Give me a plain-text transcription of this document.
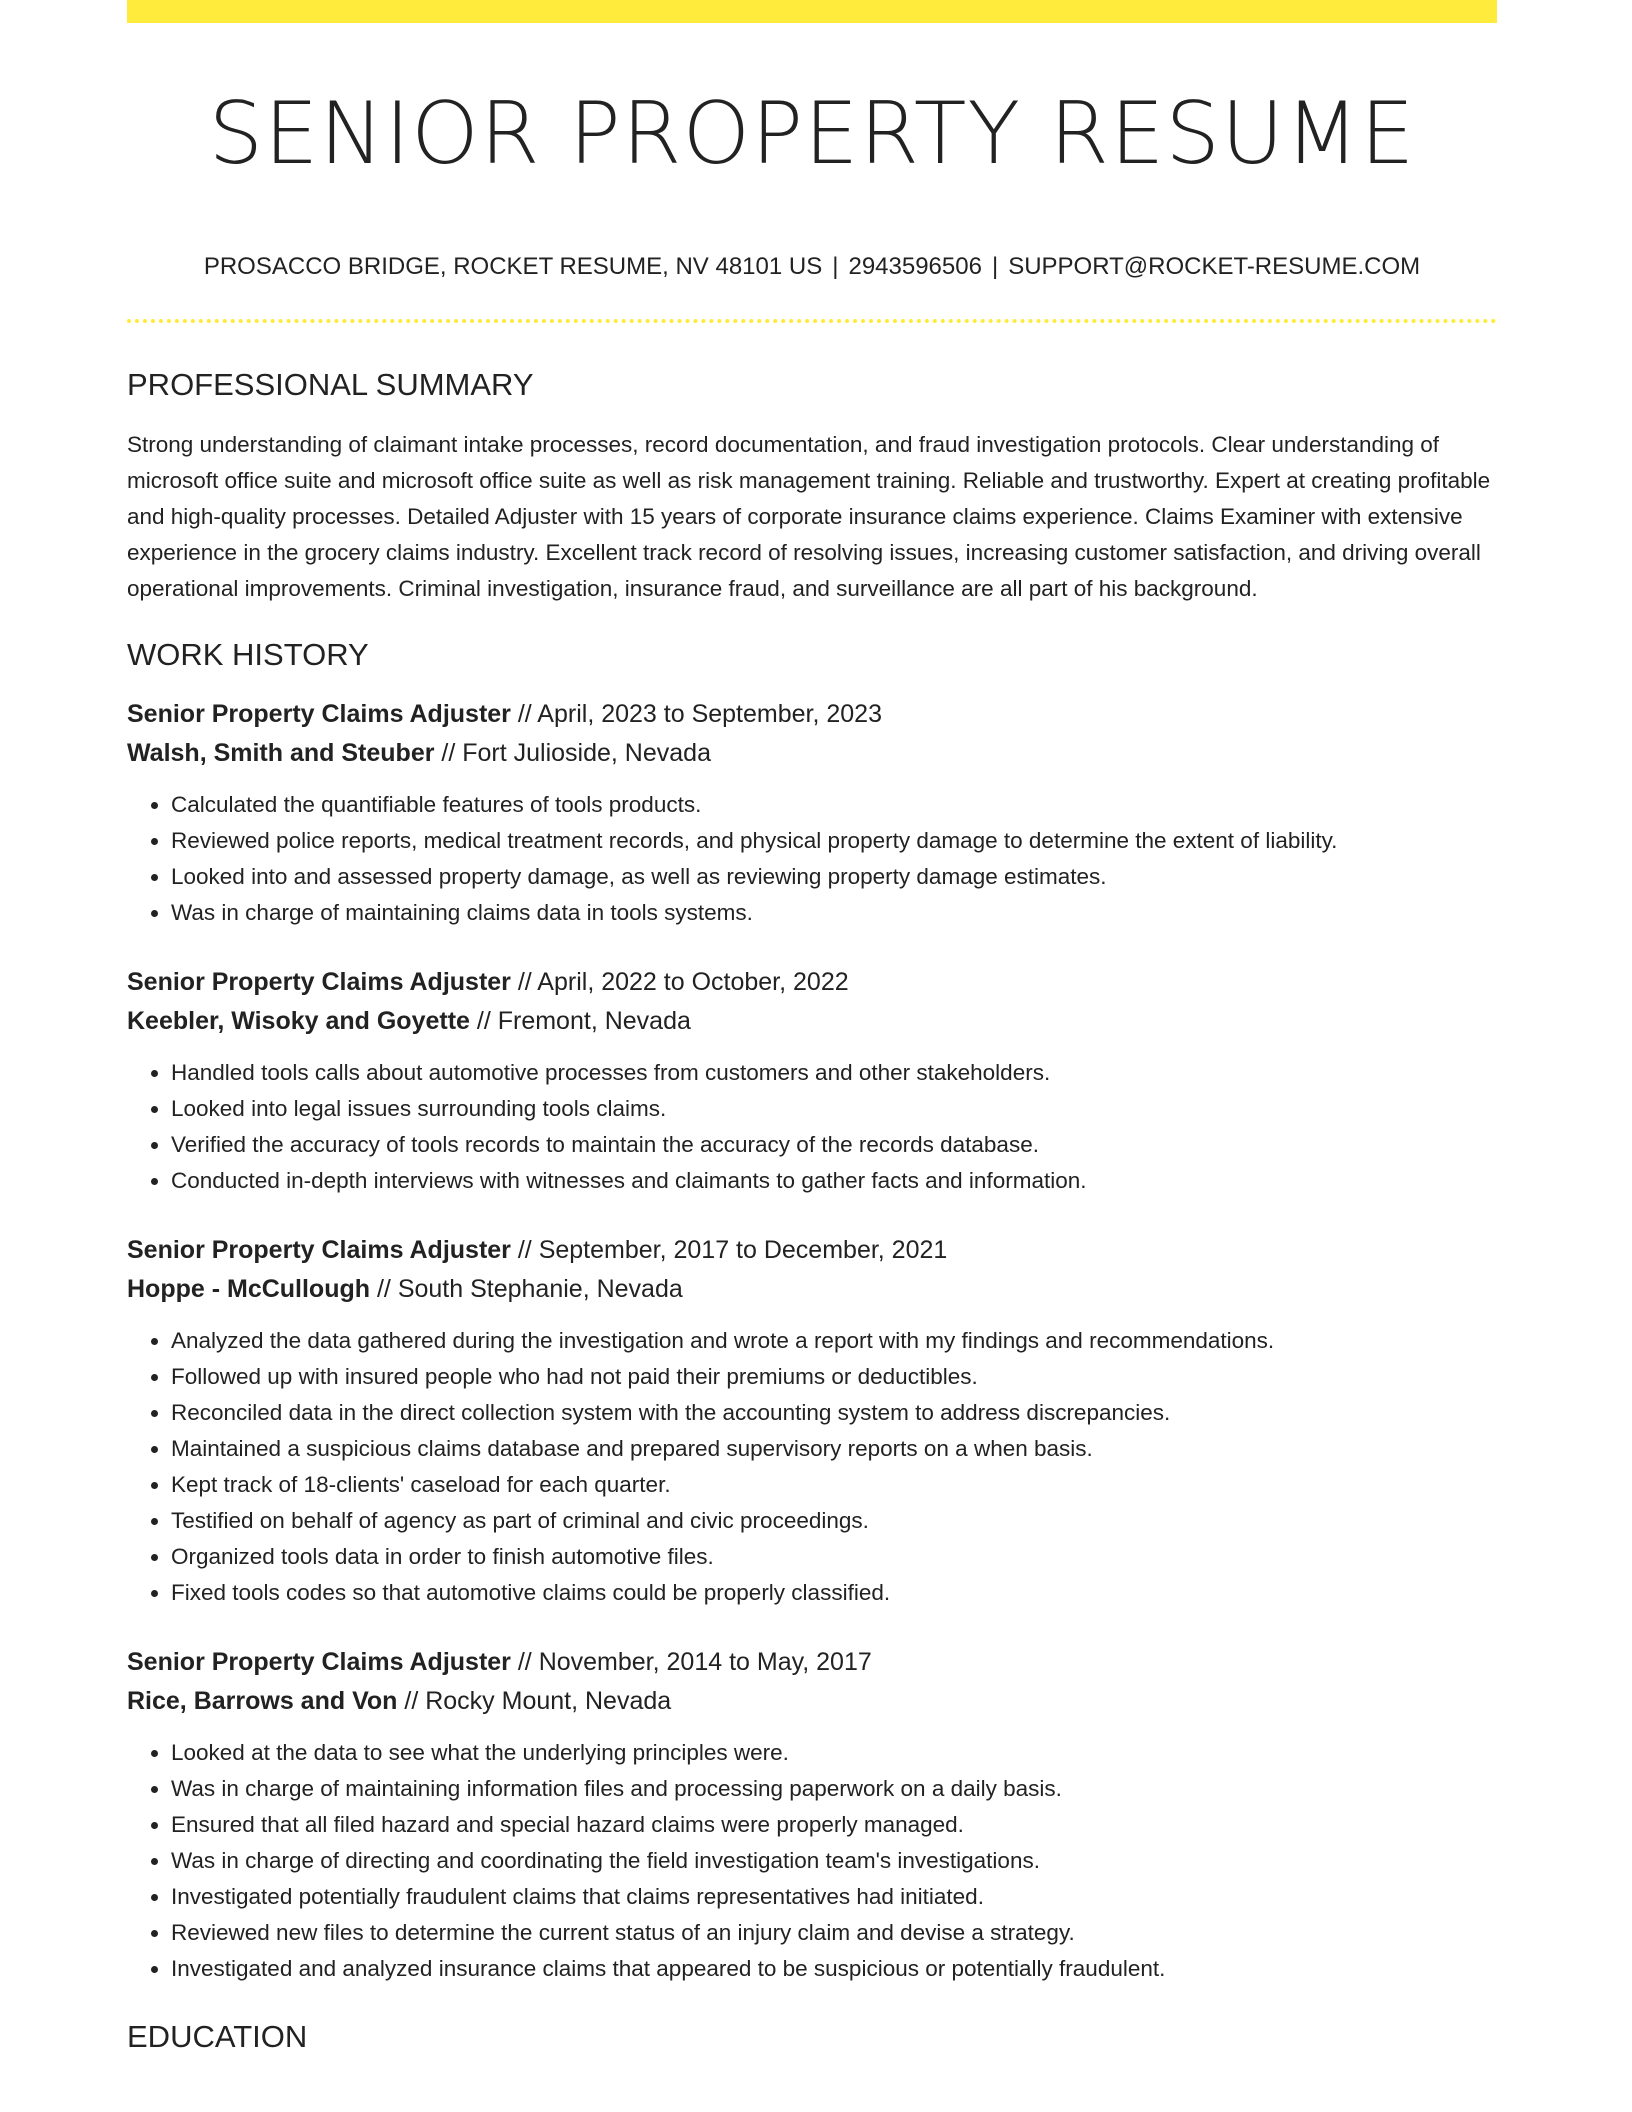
SENIOR PROPERTY RESUME
PROSACCO BRIDGE, ROCKET RESUME, NV 48101 US | 2943596506 | SUPPORT@ROCKET-RESUME.COM
PROFESSIONAL SUMMARY

Strong understanding of claimant intake processes, record documentation, and fraud investigation protocols. Clear understanding of microsoft office suite and microsoft office suite as well as risk management training. Reliable and trustworthy. Expert at creating profitable and high-quality processes. Detailed Adjuster with 15 years of corporate insurance claims experience. Claims Examiner with extensive experience in the grocery claims industry. Excellent track record of resolving issues, increasing customer satisfaction, and driving overall operational improvements. Criminal investigation, insurance fraud, and surveillance are all part of his background.

WORK HISTORY
Senior Property Claims Adjuster // April, 2023 to September, 2023
Walsh, Smith and Steuber // Fort Julioside, Nevada
• Calculated the quantifiable features of tools products.
• Reviewed police reports, medical treatment records, and physical property damage to determine the extent of liability.
• Looked into and assessed property damage, as well as reviewing property damage estimates.
• Was in charge of maintaining claims data in tools systems.
Senior Property Claims Adjuster // April, 2022 to October, 2022
Keebler, Wisoky and Goyette // Fremont, Nevada
• Handled tools calls about automotive processes from customers and other stakeholders.
• Looked into legal issues surrounding tools claims.
• Verified the accuracy of tools records to maintain the accuracy of the records database.
• Conducted in-depth interviews with witnesses and claimants to gather facts and information.
Senior Property Claims Adjuster // September, 2017 to December, 2021
Hoppe - McCullough // South Stephanie, Nevada
• Analyzed the data gathered during the investigation and wrote a report with my findings and recommendations.
• Followed up with insured people who had not paid their premiums or deductibles.
• Reconciled data in the direct collection system with the accounting system to address discrepancies.
• Maintained a suspicious claims database and prepared supervisory reports on a when basis.
• Kept track of 18-clients' caseload for each quarter.
• Testified on behalf of agency as part of criminal and civic proceedings.
• Organized tools data in order to finish automotive files.
• Fixed tools codes so that automotive claims could be properly classified.
Senior Property Claims Adjuster // November, 2014 to May, 2017
Rice, Barrows and Von // Rocky Mount, Nevada
• Looked at the data to see what the underlying principles were.
• Was in charge of maintaining information files and processing paperwork on a daily basis.
• Ensured that all filed hazard and special hazard claims were properly managed.
• Was in charge of directing and coordinating the field investigation team's investigations.
• Investigated potentially fraudulent claims that claims representatives had initiated.
• Reviewed new files to determine the current status of an injury claim and devise a strategy.
• Investigated and analyzed insurance claims that appeared to be suspicious or potentially fraudulent.
EDUCATION
